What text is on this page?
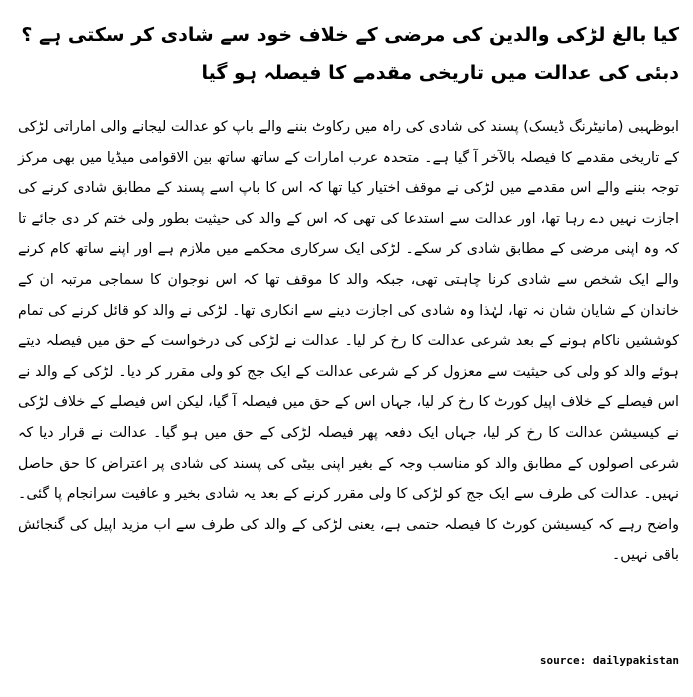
کیا بالغ لڑکی والدین کی مرضی کے خلاف خود سے شادی کر سکتی ہے ؟ دبئی کی عدالت میں تاریخی مقدمے کا فیصلہ ہو گیا

ابوظہبی (مانیٹرنگ ڈیسک) پسند کی شادی کی راہ میں رکاوٹ بننے والے باپ کو عدالت لیجانے والی اماراتی لڑکی کے تاریخی مقدمے کا فیصلہ بالآخر آ گیا ہے۔ متحدہ عرب امارات کے ساتھ ساتھ بین الاقوامی میڈیا میں بھی مرکز توجہ بننے والے اس مقدمے میں لڑکی نے موقف اختیار کیا تھا کہ اس کا باپ اسے پسند کے مطابق شادی کرنے کی اجازت نہیں دے رہا تھا، اور عدالت سے استدعا کی تھی کہ اس کے والد کی حیثیت بطور ولی ختم کر دی جائے تا کہ وہ اپنی مرضی کے مطابق شادی کر سکے۔ لڑکی ایک سرکاری محکمے میں ملازم ہے اور اپنے ساتھ کام کرنے والے ایک شخص سے شادی کرنا چاہتی تھی، جبکہ والد کا موقف تھا کہ اس نوجوان کا سماجی مرتبہ ان کے خاندان کے شایان شان نہ تھا، لہٰذا وہ شادی کی اجازت دینے سے انکاری تھا۔ لڑکی نے والد کو قائل کرنے کی تمام کوششیں ناکام ہونے کے بعد شرعی عدالت کا رخ کر لیا۔ عدالت نے لڑکی کی درخواست کے حق میں فیصلہ دیتے ہوئے والد کو ولی کی حیثیت سے معزول کر کے شرعی عدالت کے ایک جج کو ولی مقرر کر دیا۔ لڑکی کے والد نے اس فیصلے کے خلاف اپیل کورٹ کا رخ کر لیا، جہاں اس کے حق میں فیصلہ آ گیا، لیکن اس فیصلے کے خلاف لڑکی نے کیسیشن عدالت کا رخ کر لیا، جہاں ایک دفعہ پھر فیصلہ لڑکی کے حق میں ہو گیا۔ عدالت نے قرار دیا کہ شرعی اصولوں کے مطابق والد کو مناسب وجہ کے بغیر اپنی بیٹی کی پسند کی شادی پر اعتراض کا حق حاصل نہیں۔ عدالت کی طرف سے ایک جج کو لڑکی کا ولی مقرر کرنے کے بعد یہ شادی بخیر و عافیت سرانجام پا گئی۔ واضح رہے کہ کیسیشن کورٹ کا فیصلہ حتمی ہے، یعنی لڑکی کے والد کی طرف سے اب مزید اپیل کی گنجائش باقی نہیں۔

source: dailypakistan
